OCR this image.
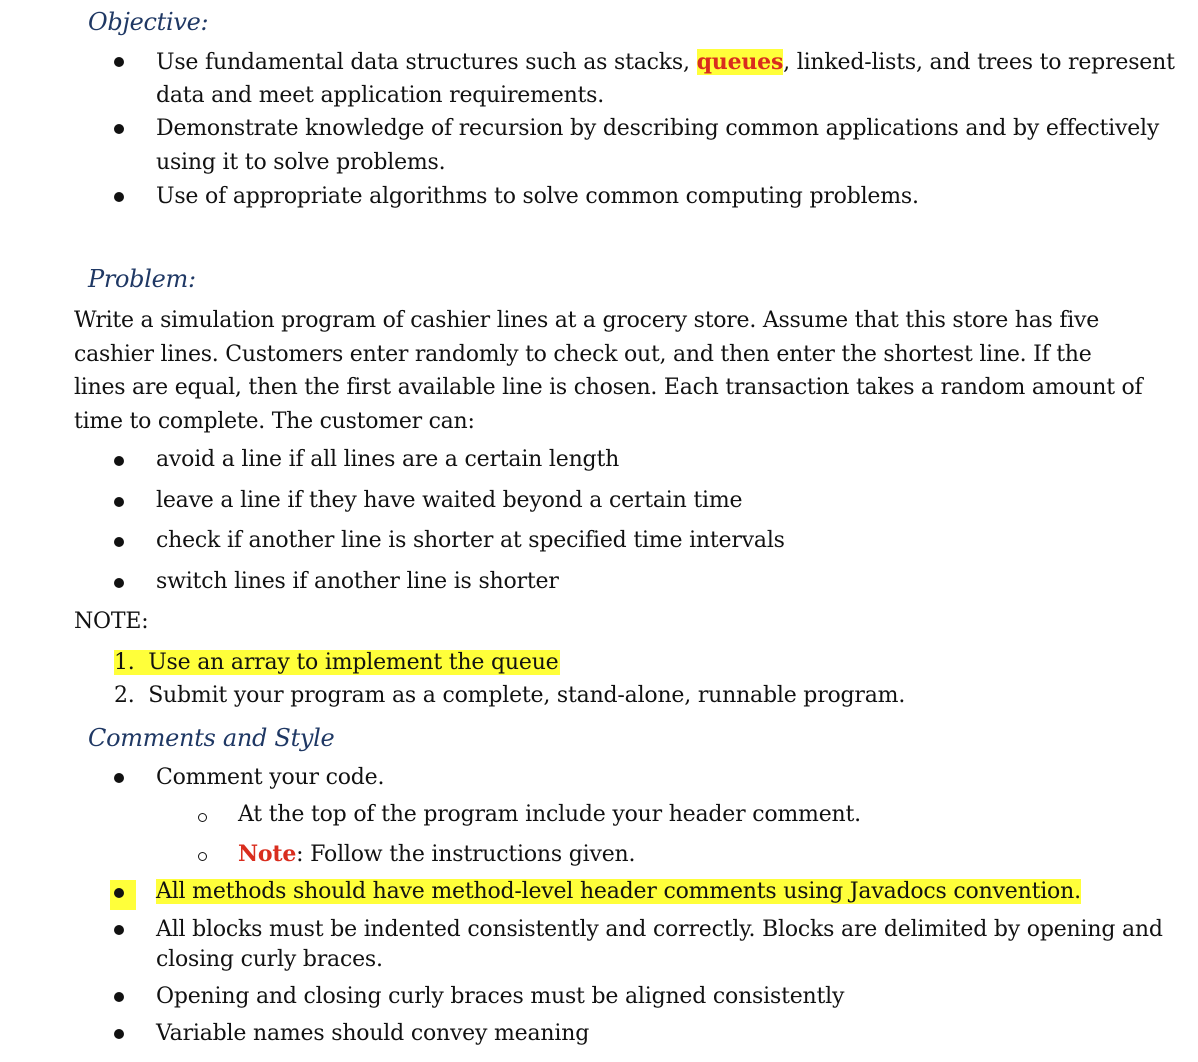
Objective:
Use fundamental data structures such as stacks, queues, linked-lists, and trees to represent
data and meet application requirements.
Demonstrate knowledge of recursion by describing common applications and by effectively
using it to solve problems.
Use of appropriate algorithms to solve common computing problems.
Problem:
Write a simulation program of cashier lines at a grocery store. Assume that this store has five cashier lines. Customers enter randomly to check out, and then enter the shortest line. If the lines are equal, then the first available line is chosen. Each transaction takes a random amount of time to complete. The customer can:
avoid a line if all lines are a certain length
leave a line if they have waited beyond a certain time
check if another line is shorter at specified time intervals
switch lines if another line is shorter
NOTE:
1. Use an array to implement the queue
2. Submit your program as a complete, stand-alone, runnable program.
Comments and Style
Comment your code.
At the top of the program include your header comment.
Note: Follow the instructions given.
All methods should have method-level header comments using Javadocs convention.
All blocks must be indented consistently and correctly. Blocks are delimited by opening and
closing curly braces.
Opening and closing curly braces must be aligned consistently
Variable names should convey meaning
